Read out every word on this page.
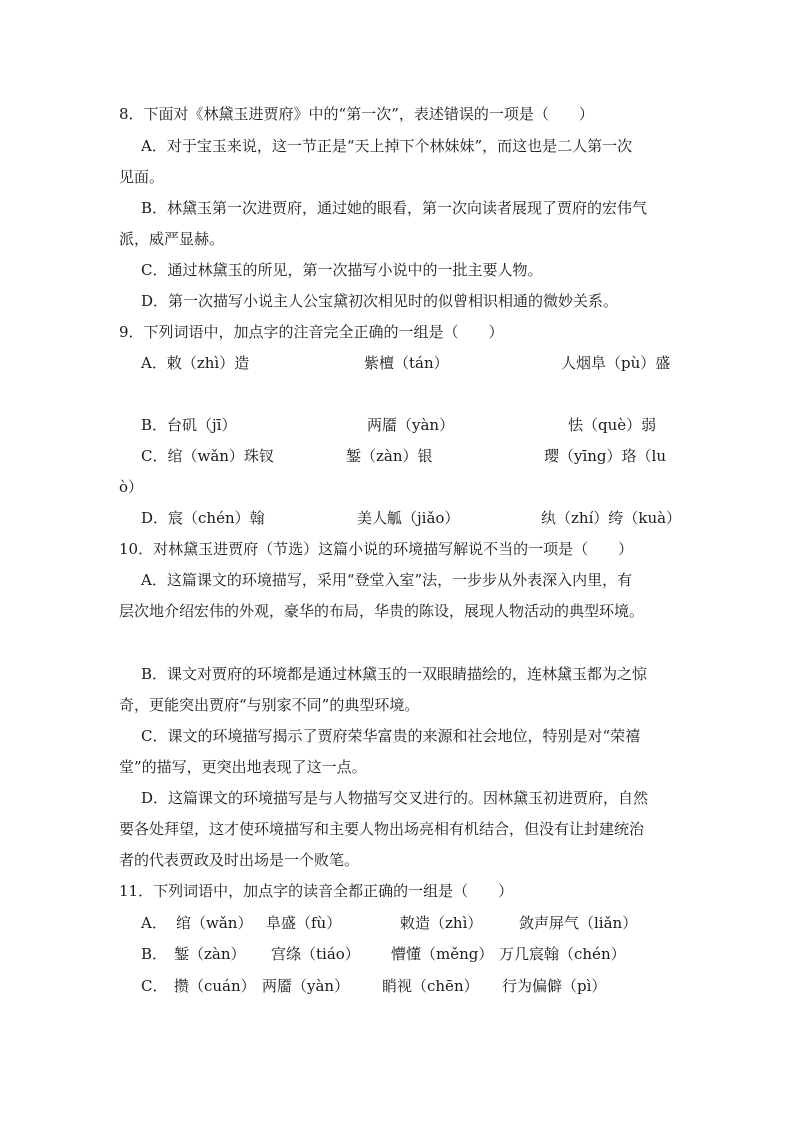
8．下面对《林黛玉进贾府》中的“第一次”，表述错误的一项是（　　）
A．对于宝玉来说，这一节正是“天上掉下个林妹妹”，而这也是二人第一次
见面。
B．林黛玉第一次进贾府，通过她的眼看，第一次向读者展现了贾府的宏伟气
派，威严显赫。
C．通过林黛玉的所见，第一次描写小说中的一批主要人物。
D．第一次描写小说主人公宝黛初次相见时的似曾相识相通的微妙关系。
9．下列词语中，加点字的注音完全正确的一组是（　　）
A．敕（zhì）造	紫檀（tán）	人烟阜（pù）盛
B．台矶（jī）	两靥（yàn）	怯（què）弱
C．绾（wǎn）珠钗	錾（zàn）银	璎（yīng）珞（lu
ò）
D．宸（chén）翰	美人觚（jiǎo）	纨（zhí）绔（kuà）
10．对林黛玉进贾府（节选）这篇小说的环境描写解说不当的一项是（　　）
A．这篇课文的环境描写，采用“登堂入室”法，一步步从外表深入内里，有
层次地介绍宏伟的外观，豪华的布局，华贵的陈设，展现人物活动的典型环境。
B．课文对贾府的环境都是通过林黛玉的一双眼睛描绘的，连林黛玉都为之惊
奇，更能突出贾府“与别家不同”的典型环境。
C．课文的环境描写揭示了贾府荣华富贵的来源和社会地位，特别是对“荣禧
堂”的描写，更突出地表现了这一点。
D．这篇课文的环境描写是与人物描写交叉进行的。因林黛玉初进贾府，自然
要各处拜望，这才使环境描写和主要人物出场亮相有机结合，但没有让封建统治
者的代表贾政及时出场是一个败笔。
11．下列词语中，加点字的读音全都正确的一组是（　　）
A． 绾（wǎn） 阜盛（fù）	敕造（zhì） 敛声屏气（liǎn）
B． 錾（zàn） 宫绦（tiáo） 懵懂（měng） 万几宸翰（chén）
C． 攒（cuán） 两靥（yàn） 睄视（chēn） 行为偏僻（pì）
